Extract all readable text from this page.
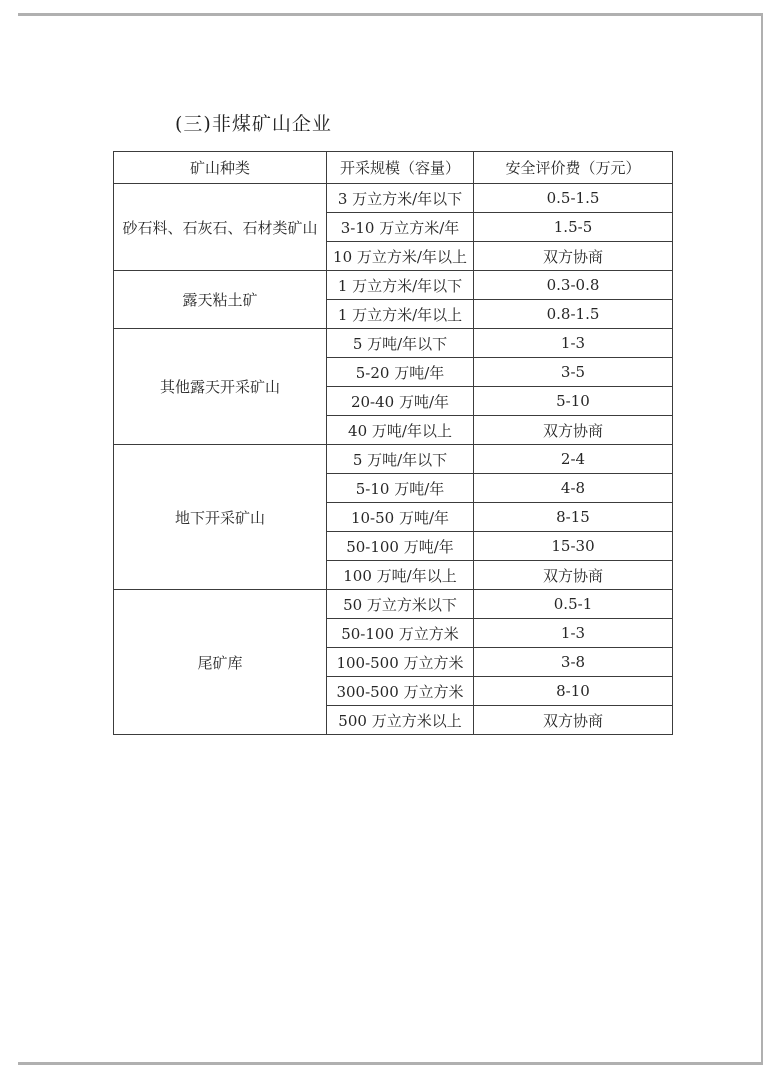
(三)非煤矿山企业
矿山种类	开采规模（容量）	安全评价费（万元）
砂石料、石灰石、石材类矿山	3 万立方米/年以下	0.5-1.5
	3-10 万立方米/年	1.5-5
	10 万立方米/年以上	双方协商
露天粘土矿	1 万立方米/年以下	0.3-0.8
	1 万立方米/年以上	0.8-1.5
其他露天开采矿山	5 万吨/年以下	1-3
	5-20 万吨/年	3-5
	20-40 万吨/年	5-10
	40 万吨/年以上	双方协商
地下开采矿山	5 万吨/年以下	2-4
	5-10 万吨/年	4-8
	10-50 万吨/年	8-15
	50-100 万吨/年	15-30
	100 万吨/年以上	双方协商
尾矿库	50 万立方米以下	0.5-1
	50-100 万立方米	1-3
	100-500 万立方米	3-8
	300-500 万立方米	8-10
	500 万立方米以上	双方协商
